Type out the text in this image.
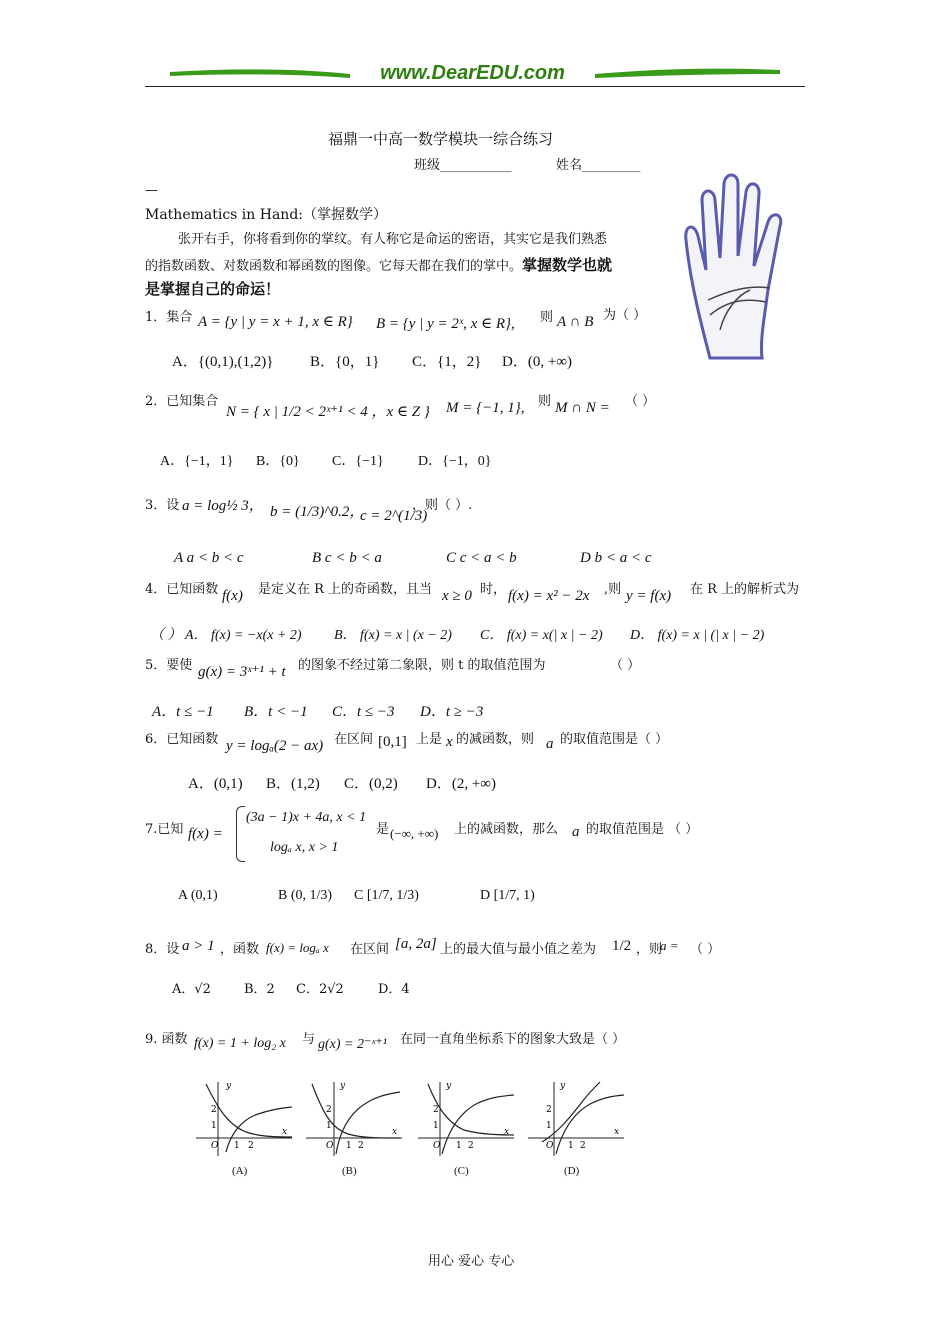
www.DearEDU.com
福鼎一中高一数学模块一综合练习
班级___________	姓名_________
—
Mathematics in Hand:（掌握数学）
张开右手，你将看到你的掌纹。有人称它是命运的密语，其实它是我们熟悉
的指数函数、对数函数和幂函数的图像。它每天都在我们的掌中。掌握数学也就
是掌握自己的命运！
1．集合 A = {y | y = x + 1, x ∈ R} B = {y | y = 2ˣ, x ∈ R}, 则 A ∩ B 为（ ）
A．{(0,1),(1,2)} B．{0，1} C．{1，2} D．(0, +∞)
2．已知集合
N = { x | 1/2 < 2ˣ⁺¹ < 4 ，x ∈ Z } M = {−1, 1}, 则 M ∩ N = （ ）
A．{−1，1} B．{0} C．{−1} D．{−1，0}
3．设 a = log½ 3， b = (1/3)^0.2，
c = 2^(1/3)
，则（ ）.
A a < b < c	B c < b < a	C c < a < b	D b < a < c
4．已知函数 f(x) 是定义在 R 上的奇函数，且当 x ≥ 0 时， f(x) = x² − 2x ,则 y = f(x) 在 R 上的解析式为
（ ） A． f(x) = −x(x + 2) B． f(x) = x | (x − 2) C． f(x) = x(| x | − 2) D． f(x) = x | (| x | − 2)
5．要使 g(x) = 3ˣ⁺¹ + t 的图象不经过第二象限，则 t 的取值范围为	（ ）
A．t ≤ −1 B．t < −1 C．t ≤ −3 D．t ≥ −3
6．已知函数 y = logₐ(2 − ax) 在区间 [0,1] 上是 x 的减函数，则 a 的取值范围是（ ）
A．(0,1) B．(1,2) C．(0,2) D．(2, +∞)
7.已知 f(x) =
(3a − 1)x + 4a, x < 1
logₐ x, x > 1
是 (−∞, +∞) 上的减函数，那么 a 的取值范围是 （ ）
A (0,1)	B (0, 1/3) C [1/7, 1/3)	D [1/7, 1)
8．设 a > 1 ，函数 f(x) = logₐ x 在区间 [a, 2a] 上的最大值与最小值之差为 1/2 ，则
a = （ ）
A．√2	B．2 C．2√2	D．4
9. 函数 f(x) = 1 + log₂ x 与 g(x) = 2⁻ˣ⁺¹ 在同一直角坐标系下的图象大致是（ ）
y
x
O
2
1
1 2
(A)
y
x
O
2
1
1 2
(B)
y
x
O
2
1
1 2
(C)
y
x
O
2
1
1 2
(D)
用心 爱心 专心
